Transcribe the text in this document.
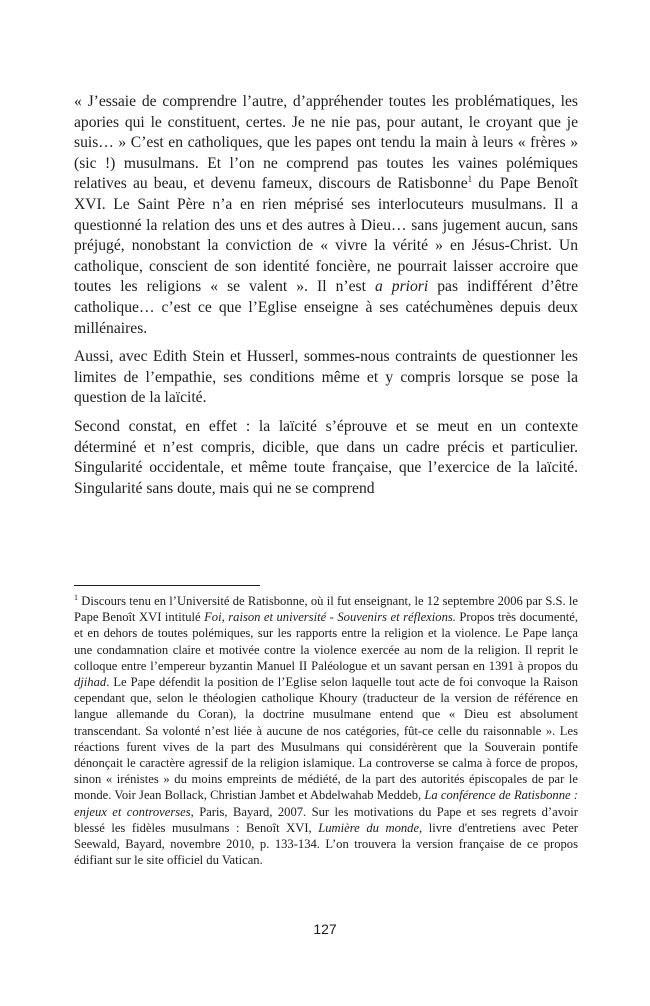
« J’essaie de comprendre l’autre, d’appréhender toutes les problématiques, les apories qui le constituent, certes. Je ne nie pas, pour autant, le croyant que je suis… » C’est en catholiques, que les papes ont tendu la main à leurs « frères » (sic !) musulmans. Et l’on ne comprend pas toutes les vaines polémiques relatives au beau, et devenu fameux, discours de Ratisbonne$^1$ du Pape Benoît XVI. Le Saint Père n’a en rien méprisé ses interlocuteurs musulmans. Il a questionné la relation des uns et des autres à Dieu… sans jugement aucun, sans préjugé, nonobstant la conviction de « vivre la vérité » en Jésus-Christ. Un catholique, conscient de son identité foncière, ne pourrait laisser accroire que toutes les religions « se valent ». Il n’est a priori pas indifférent d’être catholique… c’est ce que l’Eglise enseigne à ses catéchumènes depuis deux millénaires.

Aussi, avec Edith Stein et Husserl, sommes-nous contraints de questionner les limites de l’empathie, ses conditions même et y compris lorsque se pose la question de la laïcité.

Second constat, en effet : la laïcité s’éprouve et se meut en un contexte déterminé et n’est compris, dicible, que dans un cadre précis et particulier. Singularité occidentale, et même toute française, que l’exercice de la laïcité. Singularité sans doute, mais qui ne se comprend

$^1$ Discours tenu en l’Université de Ratisbonne, où il fut enseignant, le 12 septembre 2006 par S.S. le Pape Benoît XVI intitulé Foi, raison et université - Souvenirs et réflexions. Propos très documenté, et en dehors de toutes polémiques, sur les rapports entre la religion et la violence. Le Pape lança une condamnation claire et motivée contre la violence exercée au nom de la religion. Il reprit le colloque entre l’empereur byzantin Manuel II Paléologue et un savant persan en 1391 à propos du djihad. Le Pape défendit la position de l’Eglise selon laquelle tout acte de foi convoque la Raison cependant que, selon le théologien catholique Khoury (traducteur de la version de référence en langue allemande du Coran), la doctrine musulmane entend que « Dieu est absolument transcendant. Sa volonté n’est liée à aucune de nos catégories, fût-ce celle du raisonnable ». Les réactions furent vives de la part des Musulmans qui considérèrent que la Souverain pontife dénonçait le caractère agressif de la religion islamique. La controverse se calma à force de propos, sinon « irénistes » du moins empreints de médiété, de la part des autorités épiscopales de par le monde. Voir Jean Bollack, Christian Jambet et Abdelwahab Meddeb, La conférence de Ratisbonne : enjeux et controverses, Paris, Bayard, 2007. Sur les motivations du Pape et ses regrets d’avoir blessé les fidèles musulmans : Benoît XVI, Lumière du monde, livre d'entretiens avec Peter Seewald, Bayard, novembre 2010, p. 133-134. L’on trouvera la version française de ce propos édifiant sur le site officiel du Vatican.

127
